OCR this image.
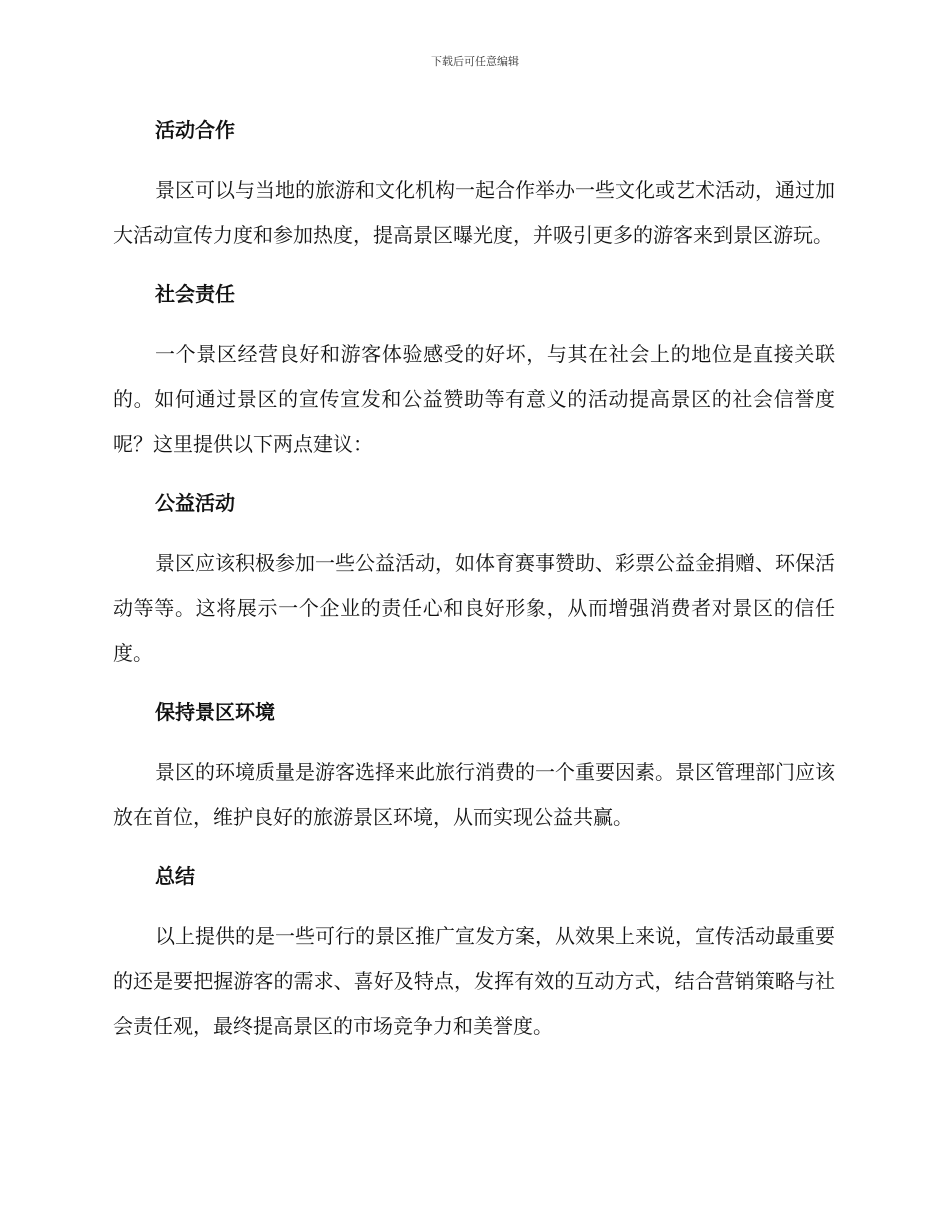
下载后可任意编辑
活动合作

景区可以与当地的旅游和文化机构一起合作举办一些文化或艺术活动，通过加大活动宣传力度和参加热度，提高景区曝光度，并吸引更多的游客来到景区游玩。

社会责任

一个景区经营良好和游客体验感受的好坏，与其在社会上的地位是直接关联的。如何通过景区的宣传宣发和公益赞助等有意义的活动提高景区的社会信誉度呢？这里提供以下两点建议：

公益活动

景区应该积极参加一些公益活动，如体育赛事赞助、彩票公益金捐赠、环保活动等等。这将展示一个企业的责任心和良好形象，从而增强消费者对景区的信任度。

保持景区环境

景区的环境质量是游客选择来此旅行消费的一个重要因素。景区管理部门应该放在首位，维护良好的旅游景区环境，从而实现公益共赢。

总结

以上提供的是一些可行的景区推广宣发方案，从效果上来说，宣传活动最重要的还是要把握游客的需求、喜好及特点，发挥有效的互动方式，结合营销策略与社会责任观，最终提高景区的市场竞争力和美誉度。
